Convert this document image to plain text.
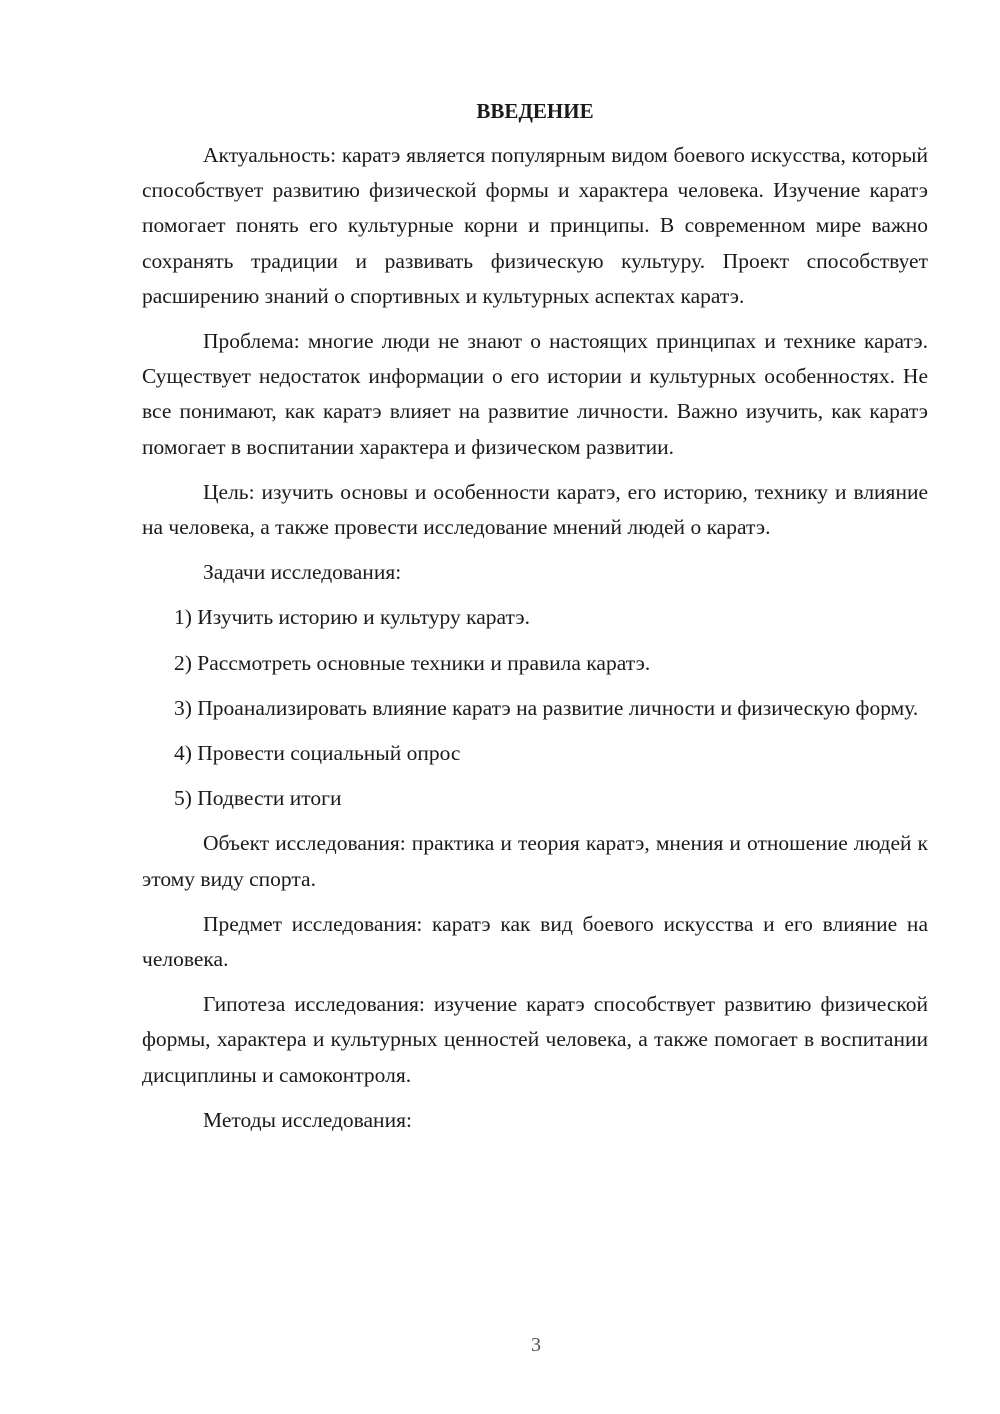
ВВЕДЕНИЕ

Актуальность: каратэ является популярным видом боевого искусства, который способствует развитию физической формы и характера человека. Изучение каратэ помогает понять его культурные корни и принципы. В современном мире важно сохранять традиции и развивать физическую культуру. Проект способствует расширению знаний о спортивных и культурных аспектах каратэ.

Проблема: многие люди не знают о настоящих принципах и технике каратэ. Существует недостаток информации о его истории и культурных особенностях. Не все понимают, как каратэ влияет на развитие личности. Важно изучить, как каратэ помогает в воспитании характера и физическом развитии.

Цель: изучить основы и особенности каратэ, его историю, технику и влияние на человека, а также провести исследование мнений людей о каратэ.

Задачи исследования:

1) Изучить историю и культуру каратэ.

2) Рассмотреть основные техники и правила каратэ.

3) Проанализировать влияние каратэ на развитие личности и физическую форму.

4) Провести социальный опрос

5) Подвести итоги

Объект исследования: практика и теория каратэ, мнения и отношение людей к этому виду спорта.

Предмет исследования: каратэ как вид боевого искусства и его влияние на человека.

Гипотеза исследования: изучение каратэ способствует развитию физической формы, характера и культурных ценностей человека, а также помогает в воспитании дисциплины и самоконтроля.

Методы исследования:

3
